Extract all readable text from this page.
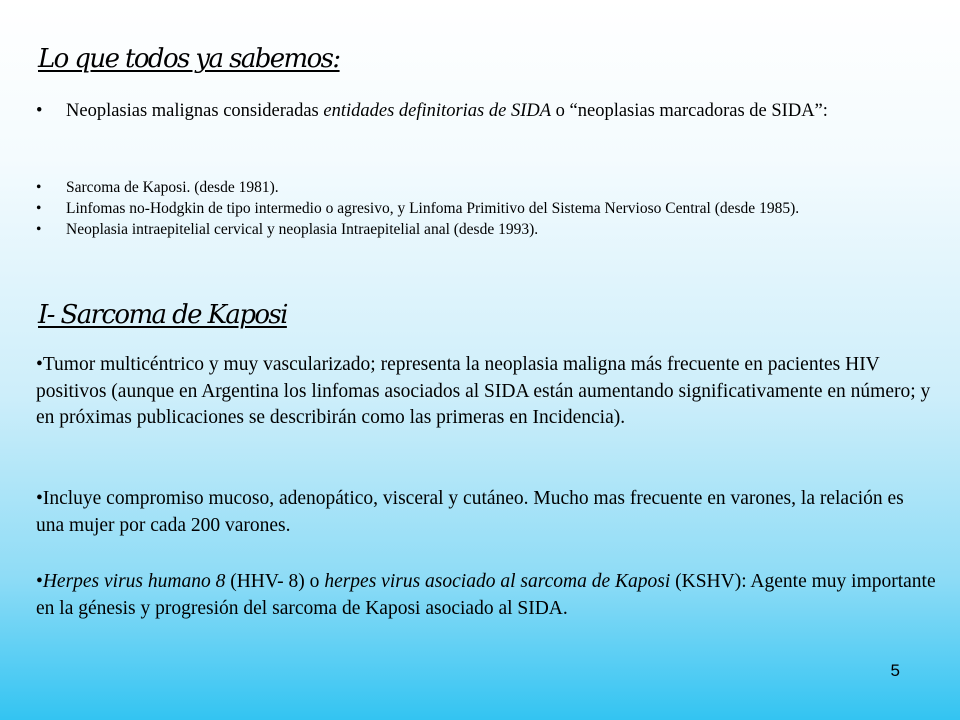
Lo que todos ya sabemos:
• Neoplasias malignas consideradas entidades definitorias de SIDA o “neoplasias marcadoras de SIDA”:
• Sarcoma de Kaposi. (desde 1981).
• Linfomas no-Hodgkin de tipo intermedio o agresivo, y Linfoma Primitivo del Sistema Nervioso Central (desde 1985).
• Neoplasia intraepitelial cervical y neoplasia Intraepitelial anal (desde 1993).
I- Sarcoma de Kaposi

•Tumor multicéntrico y muy vascularizado; representa la neoplasia maligna más frecuente en pacientes HIV positivos (aunque en Argentina los linfomas asociados al SIDA están aumentando significativamente en número; y en próximas publicaciones se describirán como las primeras en Incidencia).

•Incluye compromiso mucoso, adenopático, visceral y cutáneo. Mucho mas frecuente en varones, la relación es una mujer por cada 200 varones.

•Herpes virus humano 8 (HHV- 8) o herpes virus asociado al sarcoma de Kaposi (KSHV): Agente muy importante en la génesis y progresión del sarcoma de Kaposi asociado al SIDA.

5
